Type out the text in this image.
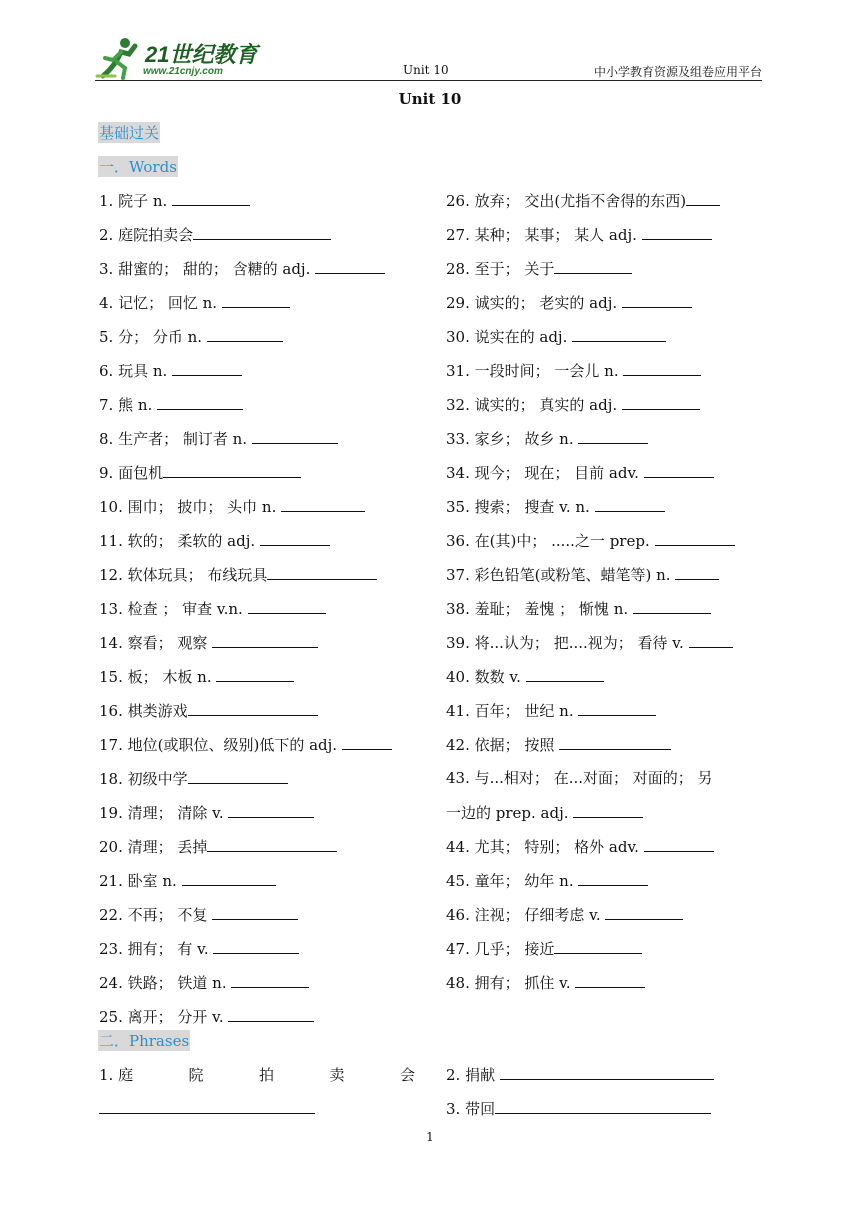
21世纪教育
www.21cnjy.com	Unit 10	中小学教育资源及组卷应用平台
Unit 10
基础过关
一．Words
1. 院子 n.
2. 庭院拍卖会
3. 甜蜜的； 甜的； 含糖的 adj.
4. 记忆； 回忆 n.
5. 分； 分币 n.
6. 玩具 n.
7. 熊 n.
8. 生产者； 制订者 n.
9. 面包机
10. 围巾； 披巾； 头巾 n.
11. 软的； 柔软的 adj.
12. 软体玩具； 布线玩具
13. 检查 ； 审查 v.n.
14. 察看； 观察
15. 板； 木板 n.
16. 棋类游戏
17. 地位(或职位、级别)低下的 adj.
18. 初级中学
19. 清理； 清除 v.
20. 清理； 丢掉
21. 卧室 n.
22. 不再； 不复
23. 拥有； 有 v.
24. 铁路； 铁道 n.
25. 离开； 分开 v.
26. 放弃； 交出(尤指不舍得的东西)
27. 某种； 某事； 某人 adj.
28. 至于； 关于
29. 诚实的； 老实的 adj.
30. 说实在的 adj.
31. 一段时间； 一会儿 n.
32. 诚实的； 真实的 adj.
33. 家乡； 故乡 n.
34. 现今； 现在； 目前 adv.
35. 搜索； 搜查 v. n.
36. 在(其)中； .....之一 prep.
37. 彩色铅笔(或粉笔、蜡笔等) n.
38. 羞耻； 羞愧 ； 惭愧 n.
39. 将...认为； 把....视为； 看待 v.
40. 数数 v.
41. 百年； 世纪 n.
42. 依据； 按照
43. 与...相对； 在...对面； 对面的； 另
一边的 prep. adj.
44. 尤其； 特别； 格外 adv.
45. 童年； 幼年 n.
46. 注视； 仔细考虑 v.
47. 几乎； 接近
48. 拥有； 抓住 v.
二．Phrases
1. 庭	院	拍	卖	会 2. 捐献
3. 带回
1
